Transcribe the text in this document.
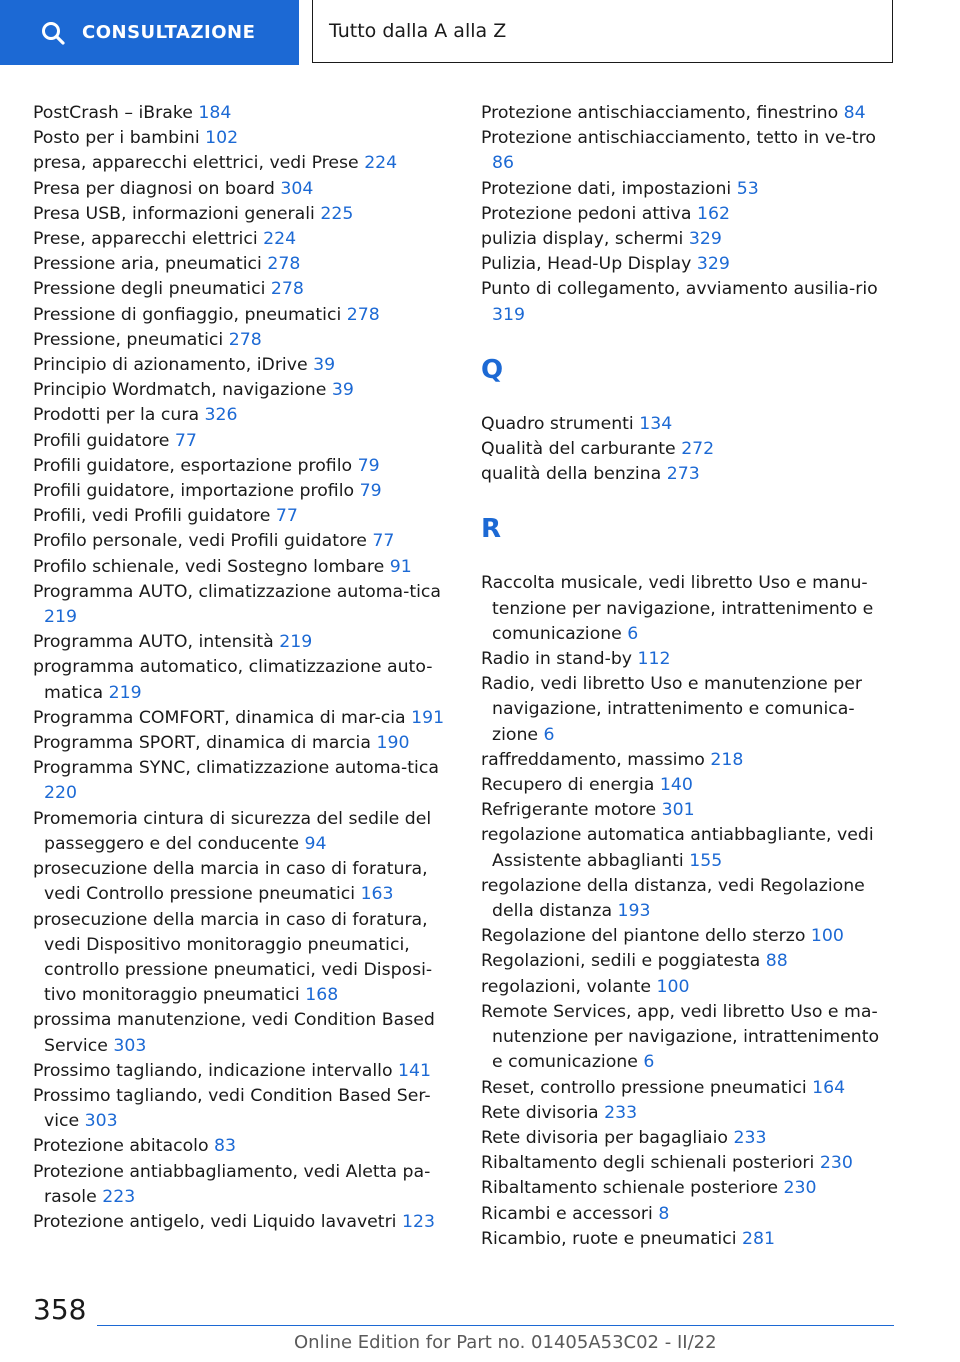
CONSULTAZIONE	Tutto dalla A alla Z
PostCrash – iBrake 184
Posto per i bambini 102
presa, apparecchi elettrici, vedi Prese 224
Presa per diagnosi on board 304
Presa USB, informazioni generali 225
Prese, apparecchi elettrici 224
Pressione aria, pneumatici 278
Pressione degli pneumatici 278
Pressione di gonfiaggio, pneumatici 278
Pressione, pneumatici 278
Principio di azionamento, iDrive 39
Principio Wordmatch, navigazione 39
Prodotti per la cura 326
Profili guidatore 77
Profili guidatore, esportazione profilo 79
Profili guidatore, importazione profilo 79
Profili, vedi Profili guidatore 77
Profilo personale, vedi Profili guidatore 77
Profilo schienale, vedi Sostegno lombare 91
Programma AUTO, climatizzazione automa-tica 219
Programma AUTO, intensità 219
programma automatico, climatizzazione auto-matica 219
Programma COMFORT, dinamica di mar-cia 191
Programma SPORT, dinamica di marcia 190
Programma SYNC, climatizzazione automa-tica 220
Promemoria cintura di sicurezza del sedile del passeggero e del conducente 94
prosecuzione della marcia in caso di foratura, vedi Controllo pressione pneumatici 163
prosecuzione della marcia in caso di foratura, vedi Dispositivo monitoraggio pneumatici, controllo pressione pneumatici, vedi Disposi-tivo monitoraggio pneumatici 168
prossima manutenzione, vedi Condition Based Service 303
Prossimo tagliando, indicazione intervallo 141
Prossimo tagliando, vedi Condition Based Ser-vice 303
Protezione abitacolo 83
Protezione antiabbagliamento, vedi Aletta pa-rasole 223
Protezione antigelo, vedi Liquido lavavetri 123
Protezione antischiacciamento, finestrino 84
Protezione antischiacciamento, tetto in ve-tro 86
Protezione dati, impostazioni 53
Protezione pedoni attiva 162
pulizia display, schermi 329
Pulizia, Head-Up Display 329
Punto di collegamento, avviamento ausilia-rio 319
Q
Quadro strumenti 134
Qualità del carburante 272
qualità della benzina 273
R
Raccolta musicale, vedi libretto Uso e manu-tenzione per navigazione, intrattenimento e comunicazione 6
Radio in stand-by 112
Radio, vedi libretto Uso e manutenzione per navigazione, intrattenimento e comunica-zione 6
raffreddamento, massimo 218
Recupero di energia 140
Refrigerante motore 301
regolazione automatica antiabbagliante, vedi Assistente abbaglianti 155
regolazione della distanza, vedi Regolazione della distanza 193
Regolazione del piantone dello sterzo 100
Regolazioni, sedili e poggiatesta 88
regolazioni, volante 100
Remote Services, app, vedi libretto Uso e ma-nutenzione per navigazione, intrattenimento e comunicazione 6
Reset, controllo pressione pneumatici 164
Rete divisoria 233
Rete divisoria per bagagliaio 233
Ribaltamento degli schienali posteriori 230
Ribaltamento schienale posteriore 230
Ricambi e accessori 8
Ricambio, ruote e pneumatici 281
358
Online Edition for Part no. 01405A53C02 - II/22
